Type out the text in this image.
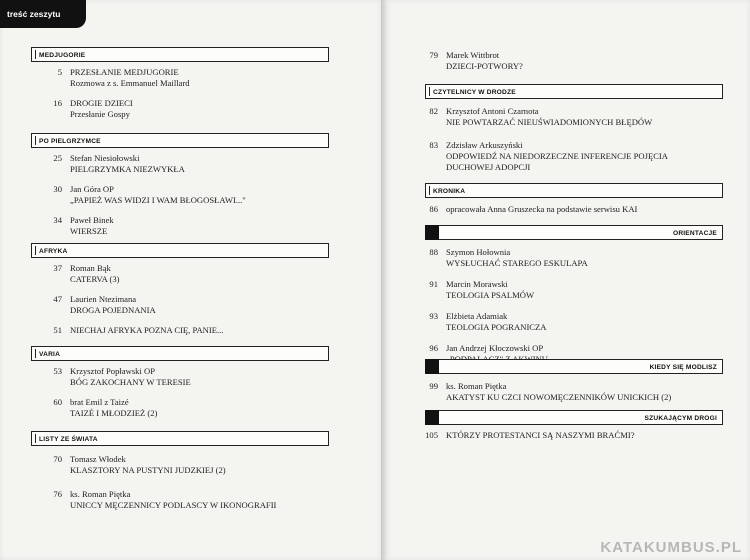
treść zeszytu
MEDJUGORIE
5 PRZESŁANIE MEDJUGORIE
Rozmowa z s. Emmanuel Maillard
16 DROGIE DZIECI
Przesłanie Gospy
PO PIELGRZYMCE
25 Stefan Niesiołowski
PIELGRZYMKA NIEZWYKŁA
30 Jan Góra OP
„PAPIEŻ WAS WIDZI I WAM BŁOGOSŁAWI..."
34 Paweł Binek
WIERSZE
AFRYKA
37 Roman Bąk
CATERVA (3)
47 Laurien Ntezimana
DROGA POJEDNANIA
51 NIECHAJ AFRYKA POZNA CIĘ, PANIE...
VARIA
53 Krzysztof Popławski OP
BÓG ZAKOCHANY W TERESIE
60 brat Emil z Taizé
TAIZÉ I MŁODZIEŻ (2)
LISTY ZE ŚWIATA
70 Tomasz Włodek
KLASZTORY NA PUSTYNI JUDZKIEJ (2)
76 ks. Roman Piętka
UNICCY MĘCZENNICY PODLASCY W IKONOGRAFII
79 Marek Wittbrot
DZIECI-POTWORY?
CZYTELNICY W DRODZE
82 Krzysztof Antoni Czarnota
NIE POWTARZAĆ NIEUŚWIADOMIONYCH BŁĘDÓW
83 Zdzisław Arkuszyński
ODPOWIEDŹ NA NIEDORZECZNE INFERENCJE POJĘCIA
DUCHOWEJ ADOPCJI
KRONIKA
86 opracowała Anna Gruszecka na podstawie serwisu KAI
ORIENTACJE
88 Szymon Hołownia
WYSŁUCHAĆ STAREGO ESKULAPA
91 Marcin Morawski
TEOLOGIA PSALMÓW
93 Elżbieta Adamiak
TEOLOGIA POGRANICZA
96 Jan Andrzej Kłoczowski OP
KIEDY SIĘ MODLISZ
99 ks. Roman Piętka
AKATYST KU CZCI NOWOMĘCZENNIKÓW UNICKICH (2)
SZUKAJĄCYM DROGI
105 KTÓRZY PROTESTANCI SĄ NASZYMI BRAĆMI?
KATAKUMBUS.PL
